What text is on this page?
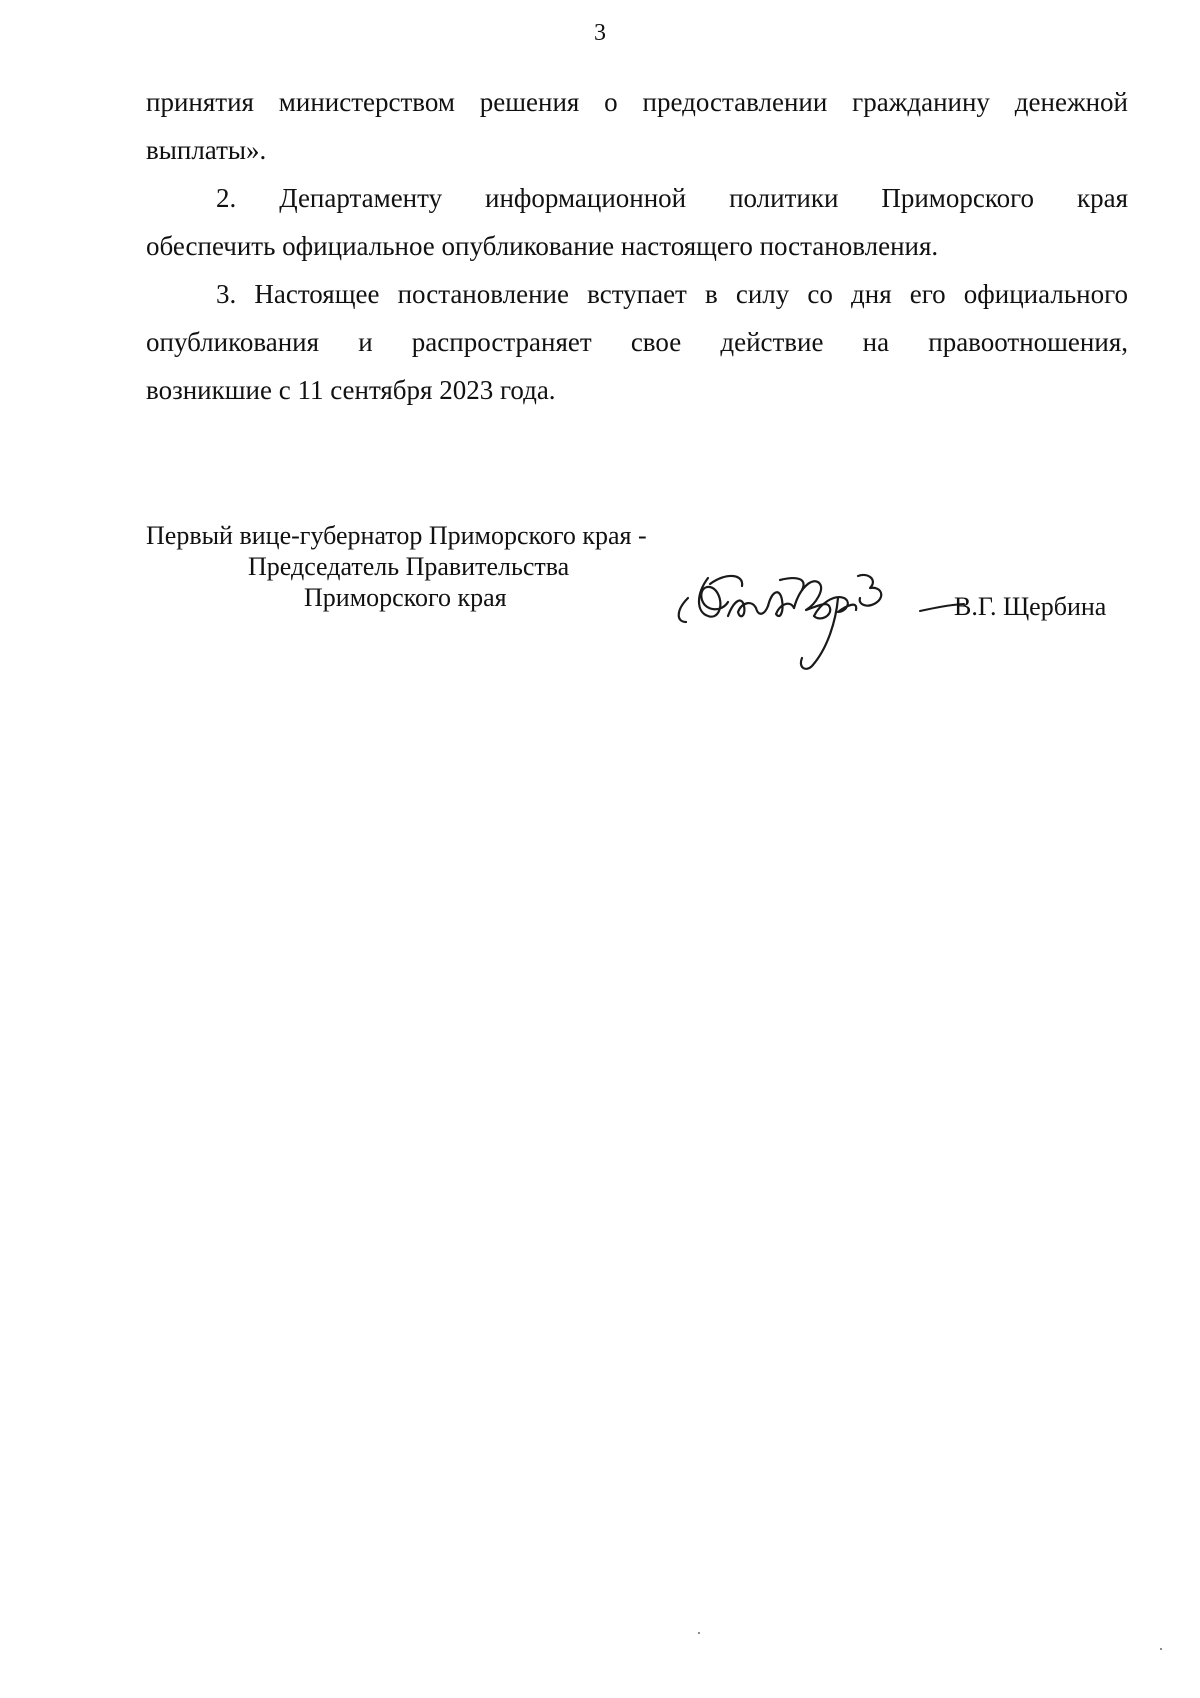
3
принятия министерством решения о предоставлении гражданину денежной
выплаты».
2. Департаменту информационной политики Приморского края
обеспечить официальное опубликование настоящего постановления.
3. Настоящее постановление вступает в силу со дня его официального
опубликования и распространяет свое действие на правоотношения,
возникшие с 11 сентября 2023 года.
Первый вице-губернатор Приморского края -
Председатель Правительства
Приморского края	В.Г. Щербина
